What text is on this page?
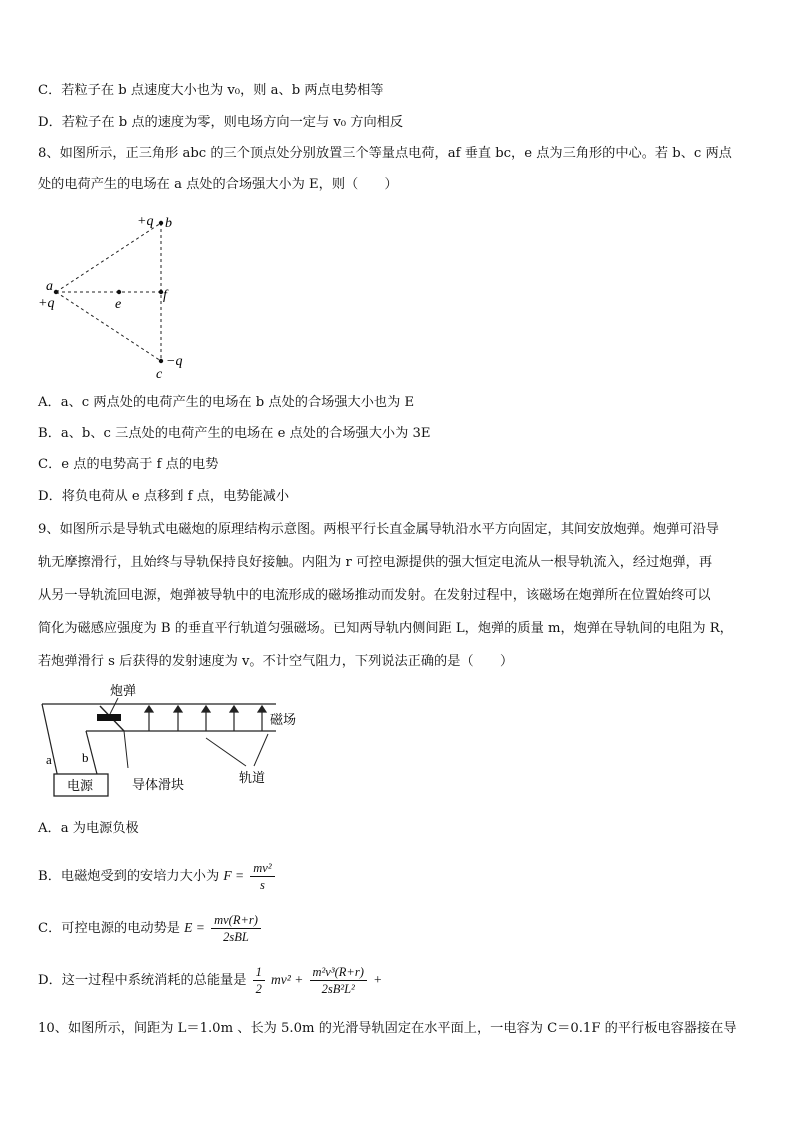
C．若粒子在 b 点速度大小也为 v₀，则 a、b 两点电势相等
D．若粒子在 b 点的速度为零，则电场方向一定与 v₀ 方向相反
8、如图所示，正三角形 abc 的三个顶点处分别放置三个等量点电荷，af 垂直 bc，e 点为三角形的中心。若 b、c 两点
处的电荷产生的电场在 a 点处的合场强大小为 E，则（　　）
+q b
a
+q	e
f
−q
c
A．a、c 两点处的电荷产生的电场在 b 点处的合场强大小也为 E
B．a、b、c 三点处的电荷产生的电场在 e 点处的合场强大小为 3E
C．e 点的电势高于 f 点的电势
D．将负电荷从 e 点移到 f 点，电势能减小
9、如图所示是导轨式电磁炮的原理结构示意图。两根平行长直金属导轨沿水平方向固定，其间安放炮弹。炮弹可沿导
轨无摩擦滑行，且始终与导轨保持良好接触。内阻为 r 可控电源提供的强大恒定电流从一根导轨流入，经过炮弹，再
从另一导轨流回电源，炮弹被导轨中的电流形成的磁场推动而发射。在发射过程中，该磁场在炮弹所在位置始终可以
简化为磁感应强度为 B 的垂直平行轨道匀强磁场。已知两导轨内侧间距 L，炮弹的质量 m，炮弹在导轨间的电阻为 R，
若炮弹滑行 s 后获得的发射速度为 v。不计空气阻力，下列说法正确的是（　　）
电源
a b
炮弹
导体滑块
磁场
轨道
A．a 为电源负极
B．电磁炮受到的安培力大小为 $F = \frac{\text{mv²}}{s}$
C．可控电源的电动势是 $E = \frac{mv(R+r)}{\text{2sBL}}$
D．这一过程中系统消耗的总能量是 $\frac{1}{2} mv^2 + \frac{\text{m²v³(R+r)}}{\text{2sB²L²}}$ +
10、如图所示，间距为 L＝1.0m 、长为 5.0m 的光滑导轨固定在水平面上，一电容为 C＝0.1F 的平行板电容器接在导
